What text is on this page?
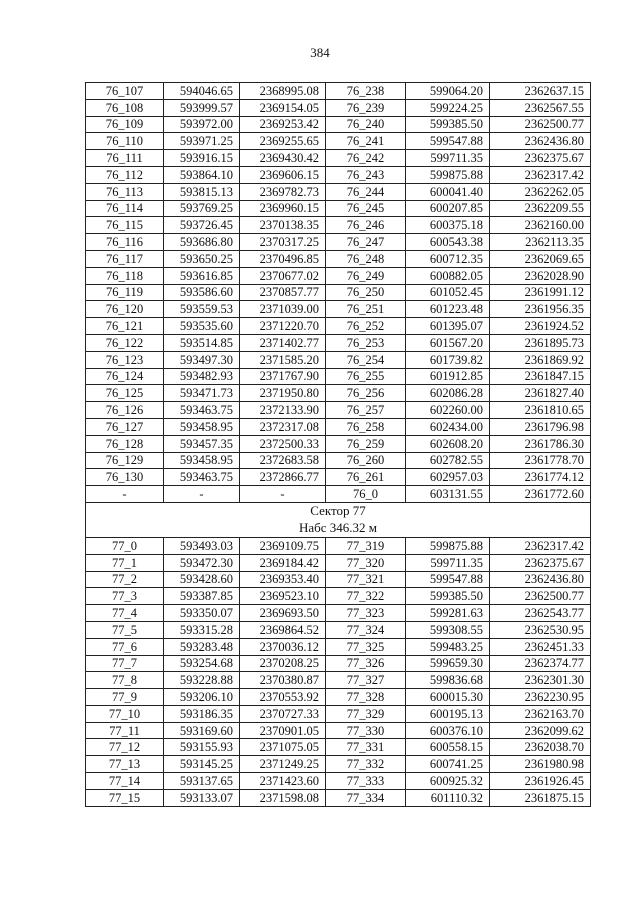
384
76_107	594046.65	2368995.08	76_238	599064.20	2362637.15
76_108	593999.57	2369154.05	76_239	599224.25	2362567.55
76_109	593972.00	2369253.42	76_240	599385.50	2362500.77
76_110	593971.25	2369255.65	76_241	599547.88	2362436.80
76_111	593916.15	2369430.42	76_242	599711.35	2362375.67
76_112	593864.10	2369606.15	76_243	599875.88	2362317.42
76_113	593815.13	2369782.73	76_244	600041.40	2362262.05
76_114	593769.25	2369960.15	76_245	600207.85	2362209.55
76_115	593726.45	2370138.35	76_246	600375.18	2362160.00
76_116	593686.80	2370317.25	76_247	600543.38	2362113.35
76_117	593650.25	2370496.85	76_248	600712.35	2362069.65
76_118	593616.85	2370677.02	76_249	600882.05	2362028.90
76_119	593586.60	2370857.77	76_250	601052.45	2361991.12
76_120	593559.53	2371039.00	76_251	601223.48	2361956.35
76_121	593535.60	2371220.70	76_252	601395.07	2361924.52
76_122	593514.85	2371402.77	76_253	601567.20	2361895.73
76_123	593497.30	2371585.20	76_254	601739.82	2361869.92
76_124	593482.93	2371767.90	76_255	601912.85	2361847.15
76_125	593471.73	2371950.80	76_256	602086.28	2361827.40
76_126	593463.75	2372133.90	76_257	602260.00	2361810.65
76_127	593458.95	2372317.08	76_258	602434.00	2361796.98
76_128	593457.35	2372500.33	76_259	602608.20	2361786.30
76_129	593458.95	2372683.58	76_260	602782.55	2361778.70
76_130	593463.75	2372866.77	76_261	602957.03	2361774.12
-	-	-	76_0	603131.55	2361772.60
Сектор 77					
Набс 346.32 м					
77_0	593493.03	2369109.75	77_319	599875.88	2362317.42
77_1	593472.30	2369184.42	77_320	599711.35	2362375.67
77_2	593428.60	2369353.40	77_321	599547.88	2362436.80
77_3	593387.85	2369523.10	77_322	599385.50	2362500.77
77_4	593350.07	2369693.50	77_323	599281.63	2362543.77
77_5	593315.28	2369864.52	77_324	599308.55	2362530.95
77_6	593283.48	2370036.12	77_325	599483.25	2362451.33
77_7	593254.68	2370208.25	77_326	599659.30	2362374.77
77_8	593228.88	2370380.87	77_327	599836.68	2362301.30
77_9	593206.10	2370553.92	77_328	600015.30	2362230.95
77_10	593186.35	2370727.33	77_329	600195.13	2362163.70
77_11	593169.60	2370901.05	77_330	600376.10	2362099.62
77_12	593155.93	2371075.05	77_331	600558.15	2362038.70
77_13	593145.25	2371249.25	77_332	600741.25	2361980.98
77_14	593137.65	2371423.60	77_333	600925.32	2361926.45
77_15	593133.07	2371598.08	77_334	601110.32	2361875.15
